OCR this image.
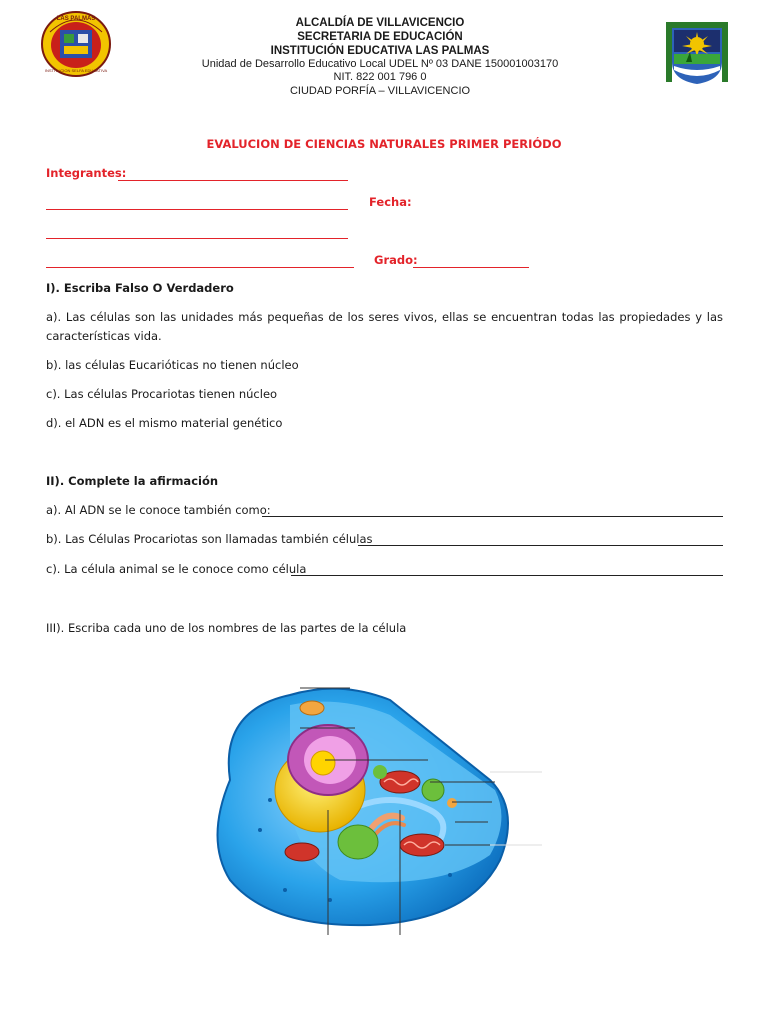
LAS PALMAS
INSTITUCION SELFA EDUCATIVA
ALCALDÍA DE VILLAVICENCIO
SECRETARIA DE EDUCACIÓN
INSTITUCIÓN EDUCATIVA LAS PALMAS
Unidad de Desarrollo Educativo Local UDEL Nº 03 DANE 150001003170
NIT. 822 001 796 0
CIUDAD PORFÍA – VILLAVICENCIO
EVALUCION DE CIENCIAS NATURALES PRIMER PERIÓDO
Integrantes:
Fecha:
Grado:
I). Escriba Falso O Verdadero
a). Las células son las unidades más pequeñas de los seres vivos, ellas se encuentran todas las propiedades y las
características vida.
b). las células Eucarióticas no tienen núcleo
c). Las células Procariotas tienen núcleo
d). el ADN es el mismo material genético
II). Complete la afirmación
a). Al ADN se le conoce también como:
b). Las Células Procariotas son llamadas también células
c). La célula animal se le conoce como célula
III). Escriba cada uno de los nombres de las partes de la célula
